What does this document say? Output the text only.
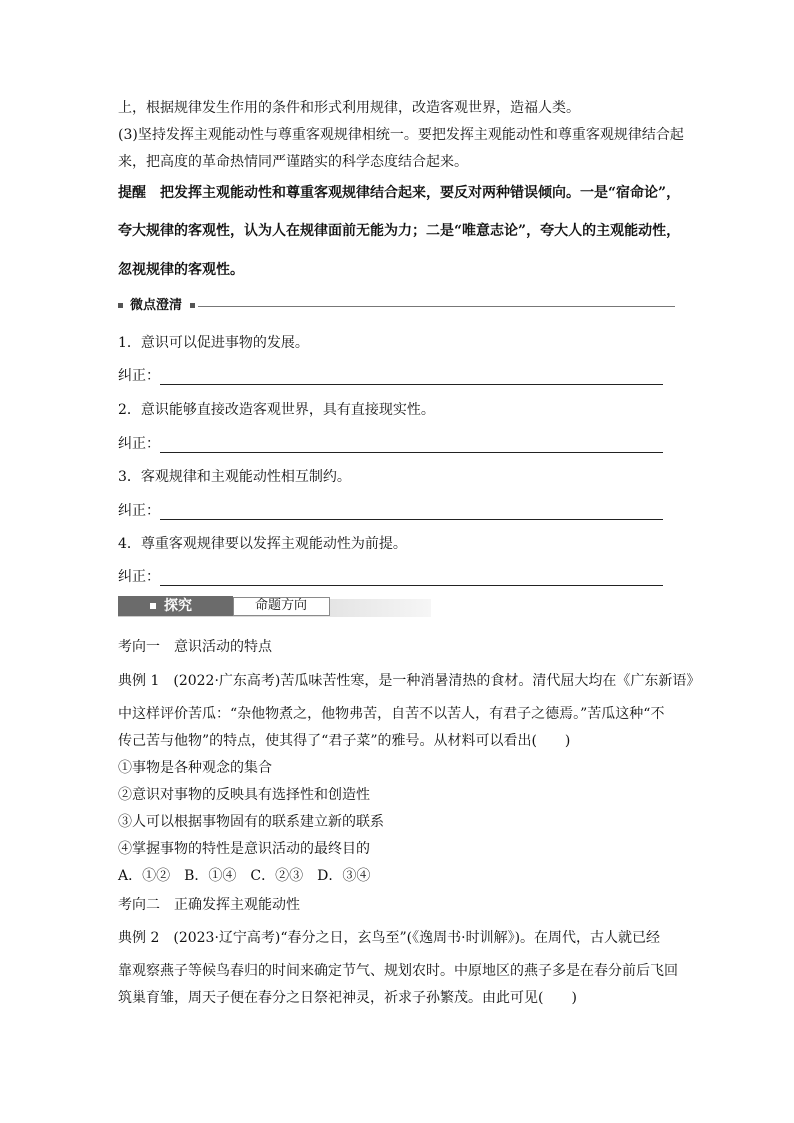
上，根据规律发生作用的条件和形式利用规律，改造客观世界，造福人类。
(3)坚持发挥主观能动性与尊重客观规律相统一。要把发挥主观能动性和尊重客观规律结合起
来，把高度的革命热情同严谨踏实的科学态度结合起来。
提醒　把发挥主观能动性和尊重客观规律结合起来，要反对两种错误倾向。一是“宿命论”，
夸大规律的客观性，认为人在规律面前无能为力；二是“唯意志论”，夸大人的主观能动性，
忽视规律的客观性。
微点澄清
1．意识可以促进事物的发展。
纠正：
2．意识能够直接改造客观世界，具有直接现实性。
纠正：
3．客观规律和主观能动性相互制约。
纠正：
4．尊重客观规律要以发挥主观能动性为前提。
纠正：
探究	命题方向
考向一　意识活动的特点
典例 1　(2022·广东高考)苦瓜味苦性寒，是一种消暑清热的食材。清代屈大均在《广东新语》
中这样评价苦瓜：“杂他物煮之，他物弗苦，自苦不以苦人，有君子之德焉。”苦瓜这种“不
传己苦与他物”的特点，使其得了“君子菜”的雅号。从材料可以看出(　　)
①事物是各种观念的集合
②意识对事物的反映具有选择性和创造性
③人可以根据事物固有的联系建立新的联系
④掌握事物的特性是意识活动的最终目的
A．①②　B．①④　C．②③　D．③④
考向二　正确发挥主观能动性
典例 2　(2023·辽宁高考)“春分之日，玄鸟至”(《逸周书·时训解》)。在周代，古人就已经
靠观察燕子等候鸟春归的时间来确定节气、规划农时。中原地区的燕子多是在春分前后飞回
筑巢育雏，周天子便在春分之日祭祀神灵，祈求子孙繁茂。由此可见(　　)
